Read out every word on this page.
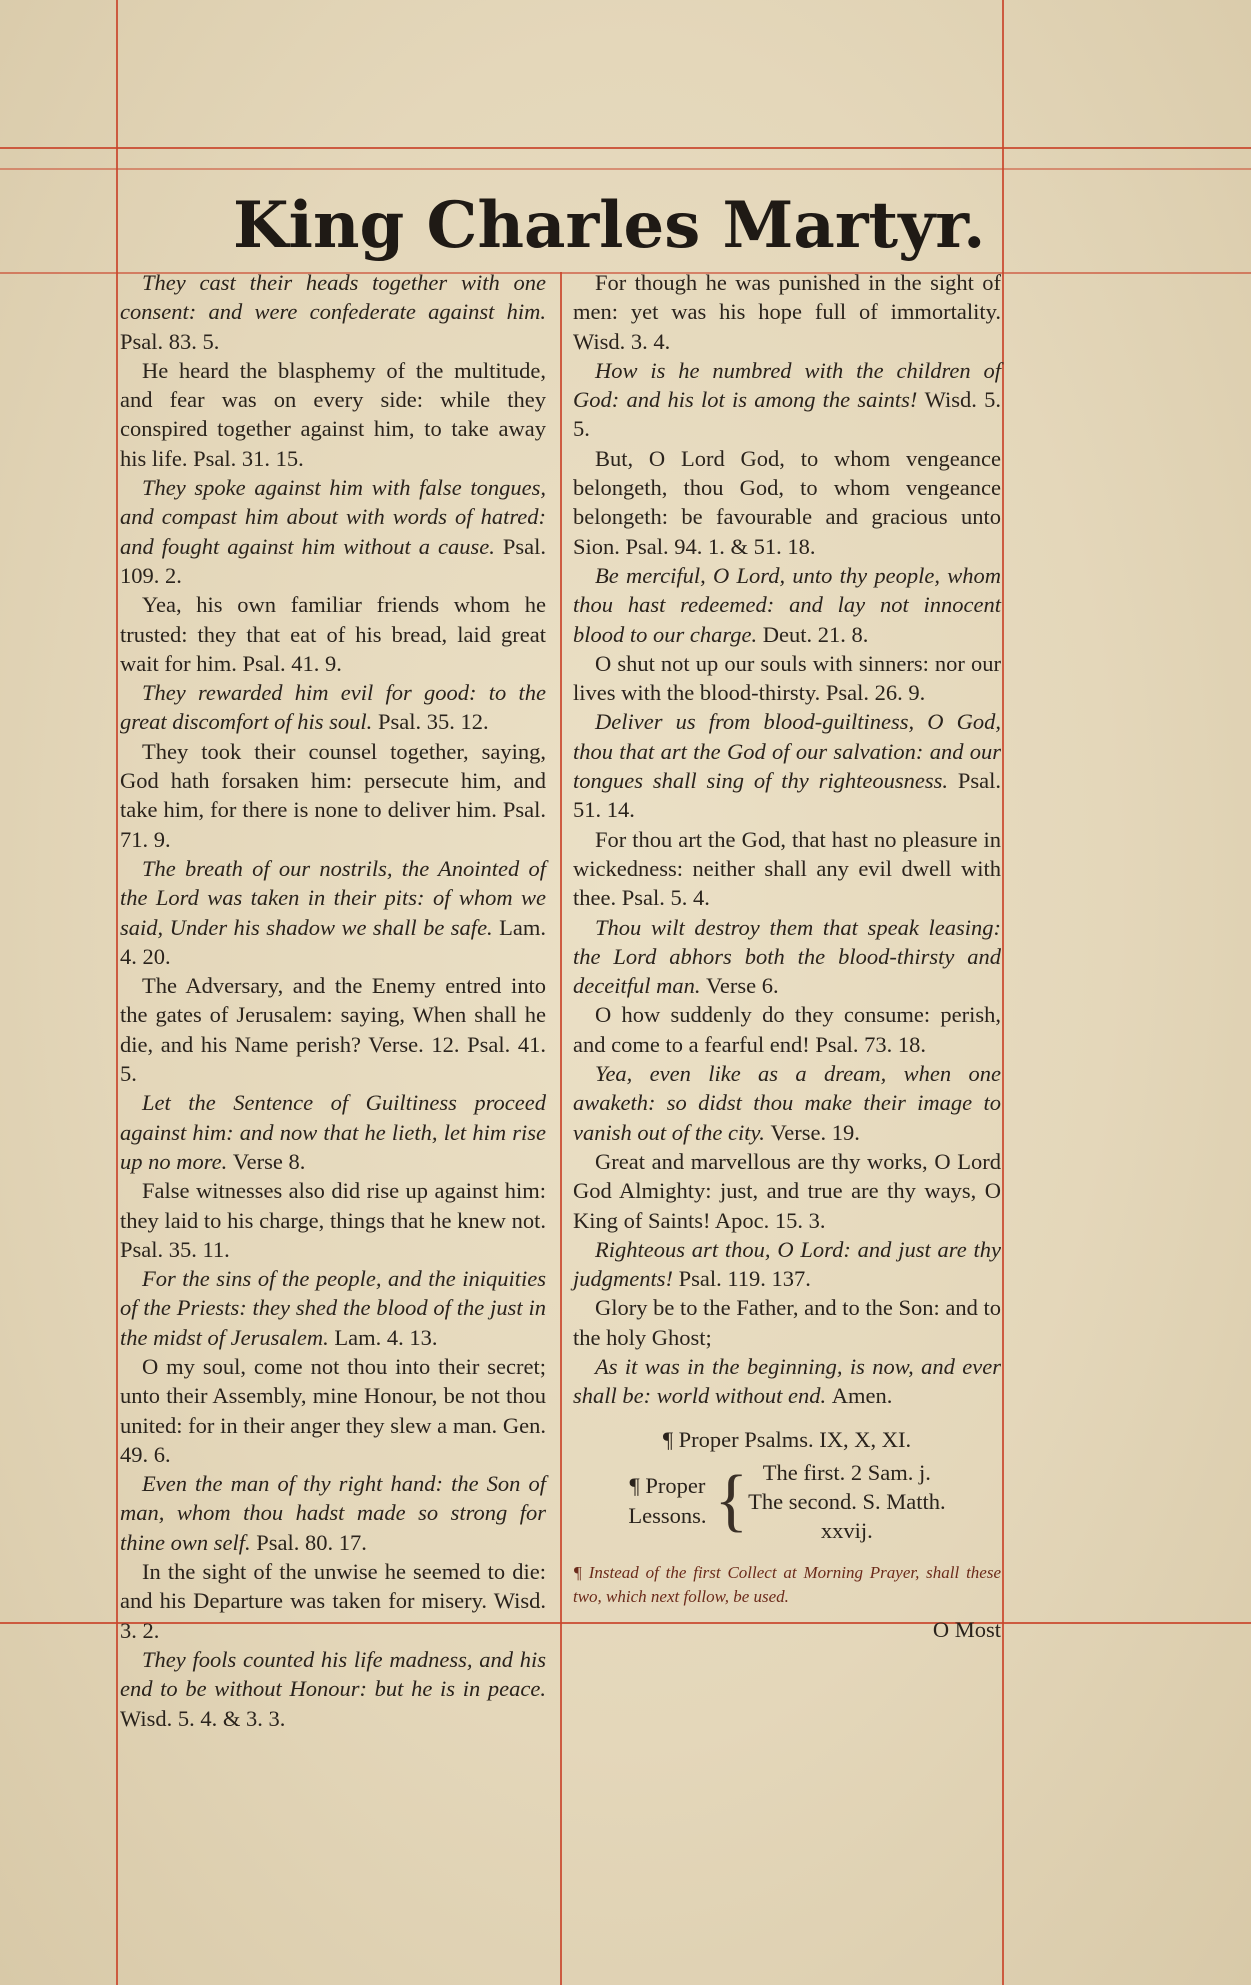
King Charles Martyr.

They cast their heads together with one consent: and were confederate against him. Psal. 83. 5.

He heard the blasphemy of the multitude, and fear was on every side: while they conspired together against him, to take away his life. Psal. 31. 15.

They spoke against him with false tongues, and compast him about with words of hatred: and fought against him without a cause. Psal. 109. 2.

Yea, his own familiar friends whom he trusted: they that eat of his bread, laid great wait for him. Psal. 41. 9.

They rewarded him evil for good: to the great discomfort of his soul. Psal. 35. 12.

They took their counsel together, saying, God hath forsaken him: persecute him, and take him, for there is none to deliver him. Psal. 71. 9.

The breath of our nostrils, the Anointed of the Lord was taken in their pits: of whom we said, Under his shadow we shall be safe. Lam. 4. 20.

The Adversary, and the Enemy entred into the gates of Jerusalem: saying, When shall he die, and his Name perish? Verse. 12. Psal. 41. 5.

Let the Sentence of Guiltiness proceed against him: and now that he lieth, let him rise up no more. Verse 8.

False witnesses also did rise up against him: they laid to his charge, things that he knew not. Psal. 35. 11.

For the sins of the people, and the iniquities of the Priests: they shed the blood of the just in the midst of Jerusalem. Lam. 4. 13.

O my soul, come not thou into their secret; unto their Assembly, mine Honour, be not thou united: for in their anger they slew a man. Gen. 49. 6.

Even the man of thy right hand: the Son of man, whom thou hadst made so strong for thine own self. Psal. 80. 17.

In the sight of the unwise he seemed to die: and his Departure was taken for misery. Wisd. 3. 2.

They fools counted his life madness, and his end to be without Honour: but he is in peace. Wisd. 5. 4. & 3. 3.

For though he was punished in the sight of men: yet was his hope full of immortality. Wisd. 3. 4.

How is he numbred with the children of God: and his lot is among the saints! Wisd. 5. 5.

But, O Lord God, to whom vengeance belongeth, thou God, to whom vengeance belongeth: be favourable and gracious unto Sion. Psal. 94. 1. & 51. 18.

Be merciful, O Lord, unto thy people, whom thou hast redeemed: and lay not innocent blood to our charge. Deut. 21. 8.

O shut not up our souls with sinners: nor our lives with the blood-thirsty. Psal. 26. 9.

Deliver us from blood-guiltiness, O God, thou that art the God of our salvation: and our tongues shall sing of thy righteousness. Psal. 51. 14.

For thou art the God, that hast no pleasure in wickedness: neither shall any evil dwell with thee. Psal. 5. 4.

Thou wilt destroy them that speak leasing: the Lord abhors both the blood-thirsty and deceitful man. Verse 6.

O how suddenly do they consume: perish, and come to a fearful end! Psal. 73. 18.

Yea, even like as a dream, when one awaketh: so didst thou make their image to vanish out of the city. Verse. 19.

Great and marvellous are thy works, O Lord God Almighty: just, and true are thy ways, O King of Saints! Apoc. 15. 3.

Righteous art thou, O Lord: and just are thy judgments! Psal. 119. 137.

Glory be to the Father, and to the Son: and to the holy Ghost;

As it was in the beginning, is now, and ever shall be: world without end. Amen.

¶ Proper Psalms. IX, X, XI.
¶ Proper
Lessons. { The first. 2 Sam. j.
The second. S. Matth.
xxvij.
¶ Instead of the first Collect at Morning Prayer, shall these two, which next follow, be used.
O Most
